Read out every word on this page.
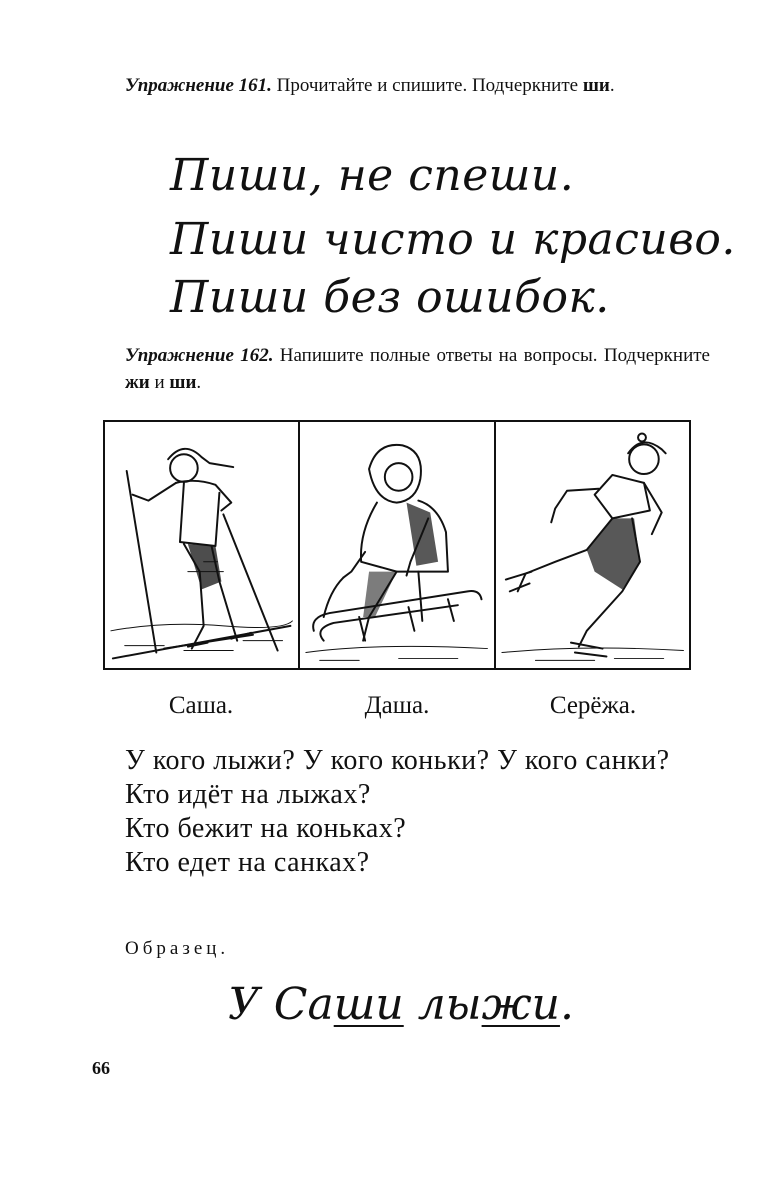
Упражнение 161. Прочитайте и спишите. Подчеркните ши.

Пиши, не спеши.
Пиши чисто и красиво.
Пиши без ошибок.

Упражнение 162. Напишите полные ответы на вопросы. Подчеркните жи и ши.

Саша.	Даша.	Серёжа.
У кого лыжи? У кого коньки? У кого санки?
Кто идёт на лыжах?
Кто бежит на коньках?
Кто едет на санках?
Образец.
У Саши лыжи.
66
